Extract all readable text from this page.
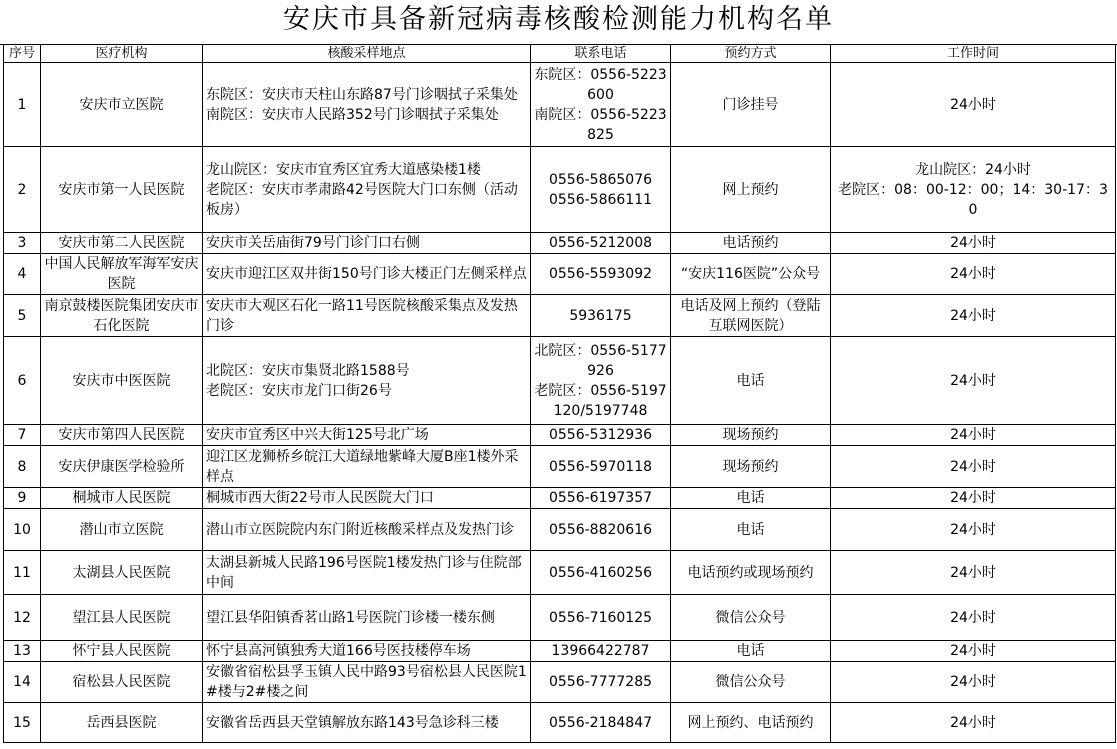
安庆市具备新冠病毒核酸检测能力机构名单
序号	医疗机构	核酸采样地点	联系电话	预约方式	工作时间
1	安庆市立医院	东院区：安庆市天柱山东路87号门诊咽拭子采集处
南院区：安庆市人民路352号门诊咽拭子采集处	东院区：0556-5223600
南院区：0556-5223825	门诊挂号	24小时

2	安庆市第一人民医院	龙山院区：安庆市宜秀区宜秀大道感染楼1楼
老院区：安庆市孝肃路42号医院大门口东侧（活动板房）	0556-5865076
0556-5866111	网上预约	龙山院区：24小时
老院区：08：00-12：00；14：30-17：30

3	安庆市第二人民医院	安庆市关岳庙街79号门诊门口右侧	0556-5212008	电话预约	24小时

4	中国人民解放军海军安庆医院	安庆市迎江区双井街150号门诊大楼正门左侧采样点	0556-5593092	“安庆116医院”公众号	24小时

5	南京鼓楼医院集团安庆市石化医院	安庆市大观区石化一路11号医院核酸采集点及发热门诊	5936175	电话及网上预约（登陆互联网医院）	24小时

6	安庆市中医医院	北院区：安庆市集贤北路1588号
老院区：安庆市龙门口街26号	北院区：0556-5177926
老院区：0556-5197120/5197748	电话	24小时

7	安庆市第四人民医院	安庆市宜秀区中兴大街125号北广场	0556-5312936	现场预约	24小时

8	安庆伊康医学检验所	迎江区龙狮桥乡皖江大道绿地紫峰大厦B座1楼外采样点	0556-5970118	现场预约	24小时

9	桐城市人民医院	桐城市西大街22号市人民医院大门口	0556-6197357	电话	24小时

10	潜山市立医院	潜山市立医院院内东门附近核酸采样点及发热门诊	0556-8820616	电话	24小时

11	太湖县人民医院	太湖县新城人民路196号医院1楼发热门诊与住院部中间	0556-4160256	电话预约或现场预约	24小时

12	望江县人民医院	望江县华阳镇香茗山路1号医院门诊楼一楼东侧	0556-7160125	微信公众号	24小时

13	怀宁县人民医院	怀宁县高河镇独秀大道166号医技楼停车场	13966422787	电话	24小时

14	宿松县人民医院	安徽省宿松县孚玉镇人民中路93号宿松县人民医院1#楼与2#楼之间	0556-7777285	微信公众号	24小时

15	岳西县医院	安徽省岳西县天堂镇解放东路143号急诊科三楼	0556-2184847	网上预约、电话预约	24小时
